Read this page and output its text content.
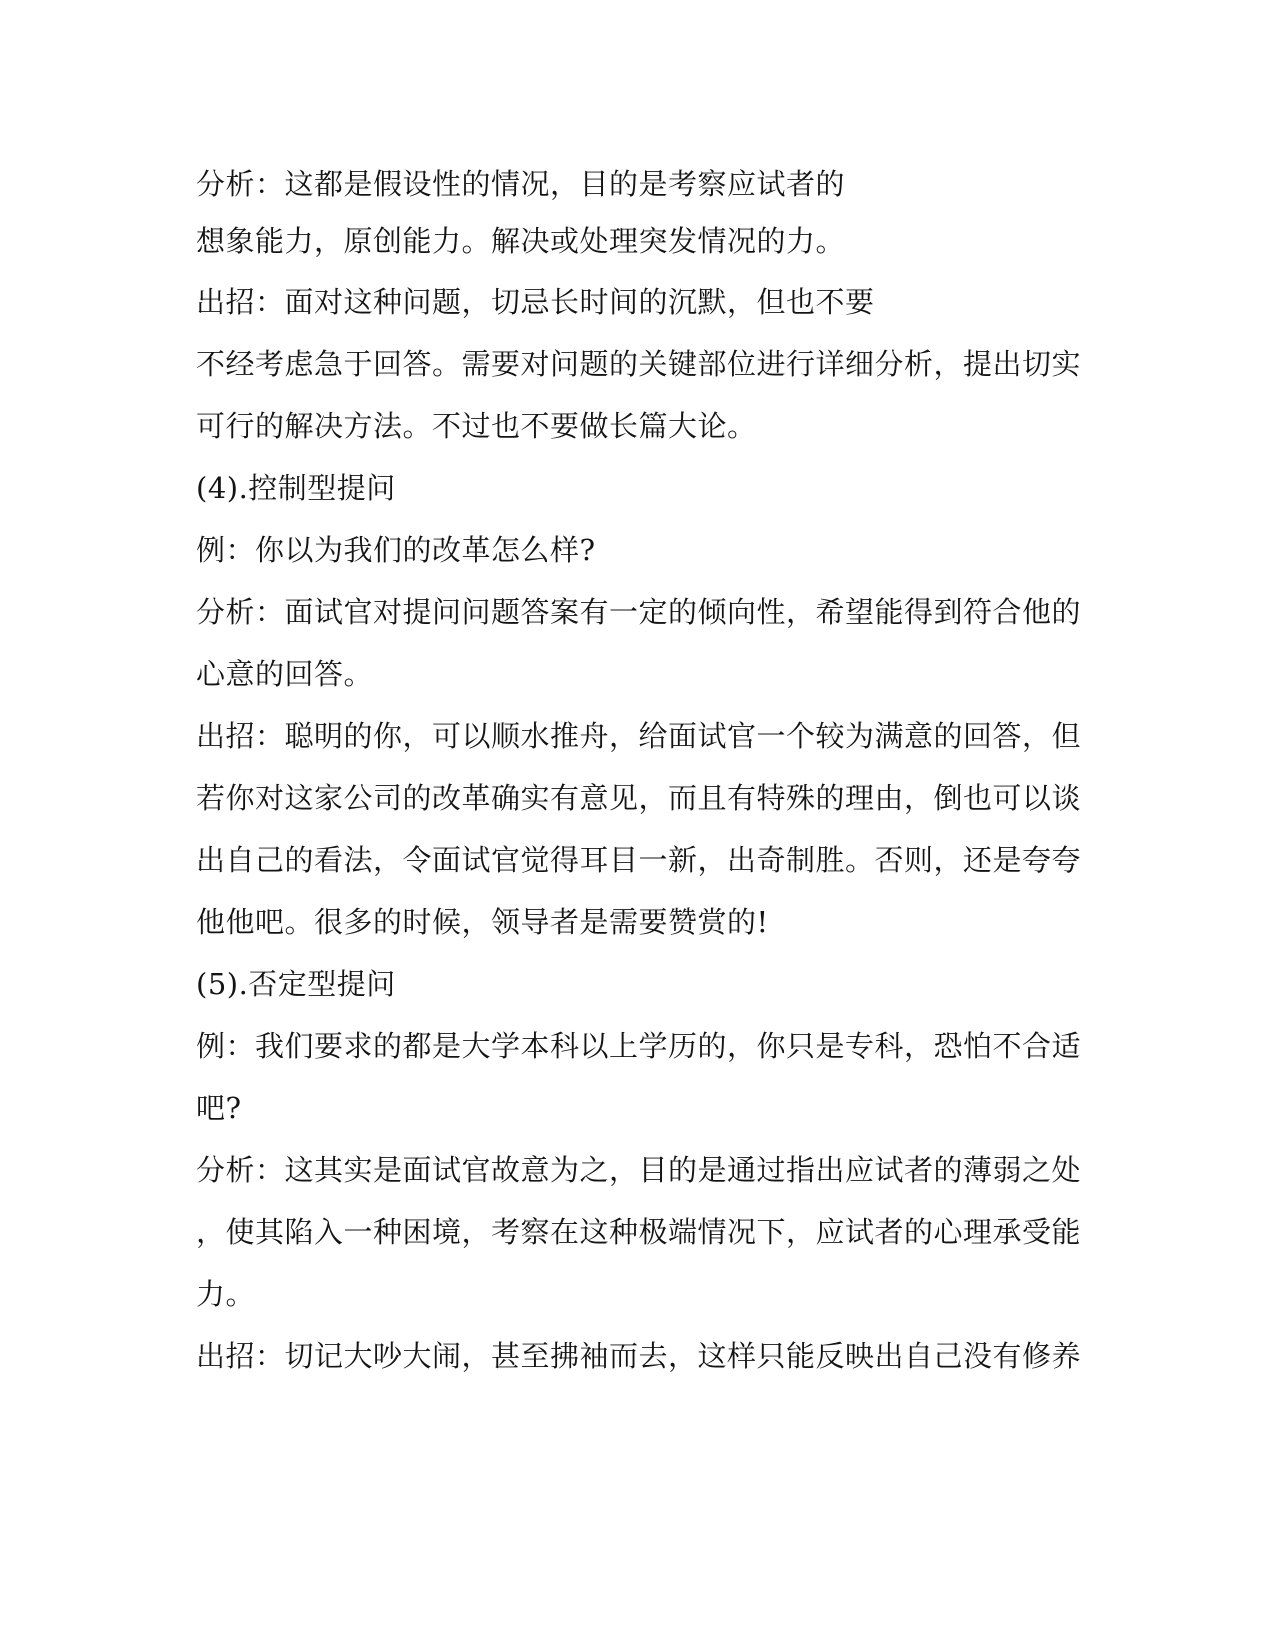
分析：这都是假设性的情况，目的是考察应试者的
想象能力，原创能力。解决或处理突发情况的力。
出招：面对这种问题，切忌长时间的沉默，但也不要
不经考虑急于回答。需要对问题的关键部位进行详细分析，提出切实
可行的解决方法。不过也不要做长篇大论。
(4).控制型提问
例：你以为我们的改革怎么样?
分析：面试官对提问问题答案有一定的倾向性，希望能得到符合他的
心意的回答。
出招：聪明的你，可以顺水推舟，给面试官一个较为满意的回答，但
若你对这家公司的改革确实有意见，而且有特殊的理由，倒也可以谈
出自己的看法，令面试官觉得耳目一新，出奇制胜。否则，还是夸夸
他他吧。很多的时候，领导者是需要赞赏的!
(5).否定型提问
例：我们要求的都是大学本科以上学历的，你只是专科，恐怕不合适
吧?
分析：这其实是面试官故意为之，目的是通过指出应试者的薄弱之处
，使其陷入一种困境，考察在这种极端情况下，应试者的心理承受能
力。
出招：切记大吵大闹，甚至拂袖而去，这样只能反映出自己没有修养
